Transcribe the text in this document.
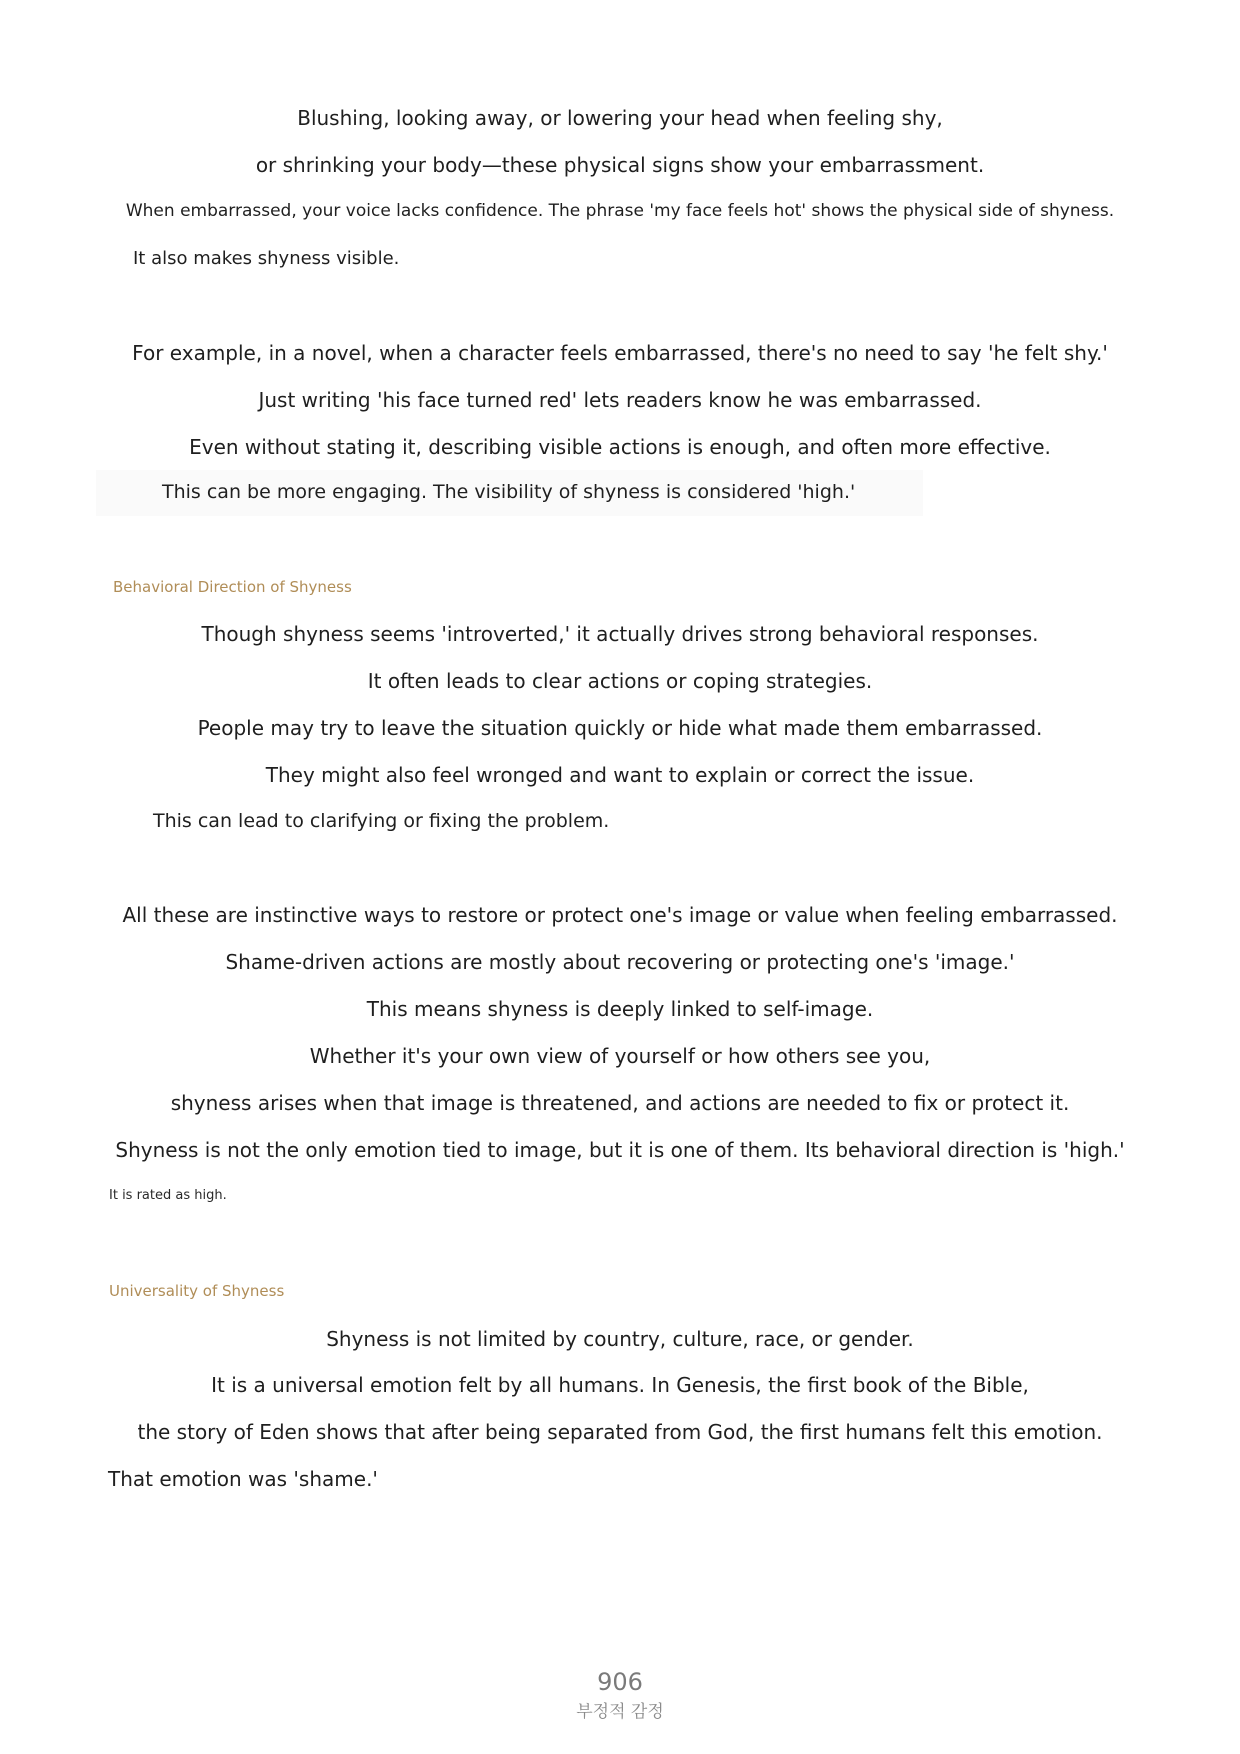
Blushing, looking away, or lowering your head when feeling shy,
or shrinking your body—these physical signs show your embarrassment.
When embarrassed, your voice lacks confidence. The phrase 'my face feels hot' shows the physical side of shyness.
It also makes shyness visible.
For example, in a novel, when a character feels embarrassed, there's no need to say 'he felt shy.'
Just writing 'his face turned red' lets readers know he was embarrassed.
Even without stating it, describing visible actions is enough, and often more effective.
This can be more engaging. The visibility of shyness is considered 'high.'
Behavioral Direction of Shyness
Though shyness seems 'introverted,' it actually drives strong behavioral responses.
It often leads to clear actions or coping strategies.
People may try to leave the situation quickly or hide what made them embarrassed.
They might also feel wronged and want to explain or correct the issue.
This can lead to clarifying or fixing the problem.
All these are instinctive ways to restore or protect one's image or value when feeling embarrassed.
Shame-driven actions are mostly about recovering or protecting one's 'image.'
This means shyness is deeply linked to self-image.
Whether it's your own view of yourself or how others see you,
shyness arises when that image is threatened, and actions are needed to fix or protect it.
Shyness is not the only emotion tied to image, but it is one of them. Its behavioral direction is 'high.'
It is rated as high.
Universality of Shyness
Shyness is not limited by country, culture, race, or gender.
It is a universal emotion felt by all humans. In Genesis, the first book of the Bible,
the story of Eden shows that after being separated from God, the first humans felt this emotion.
That emotion was 'shame.'
906
부정적 감정
